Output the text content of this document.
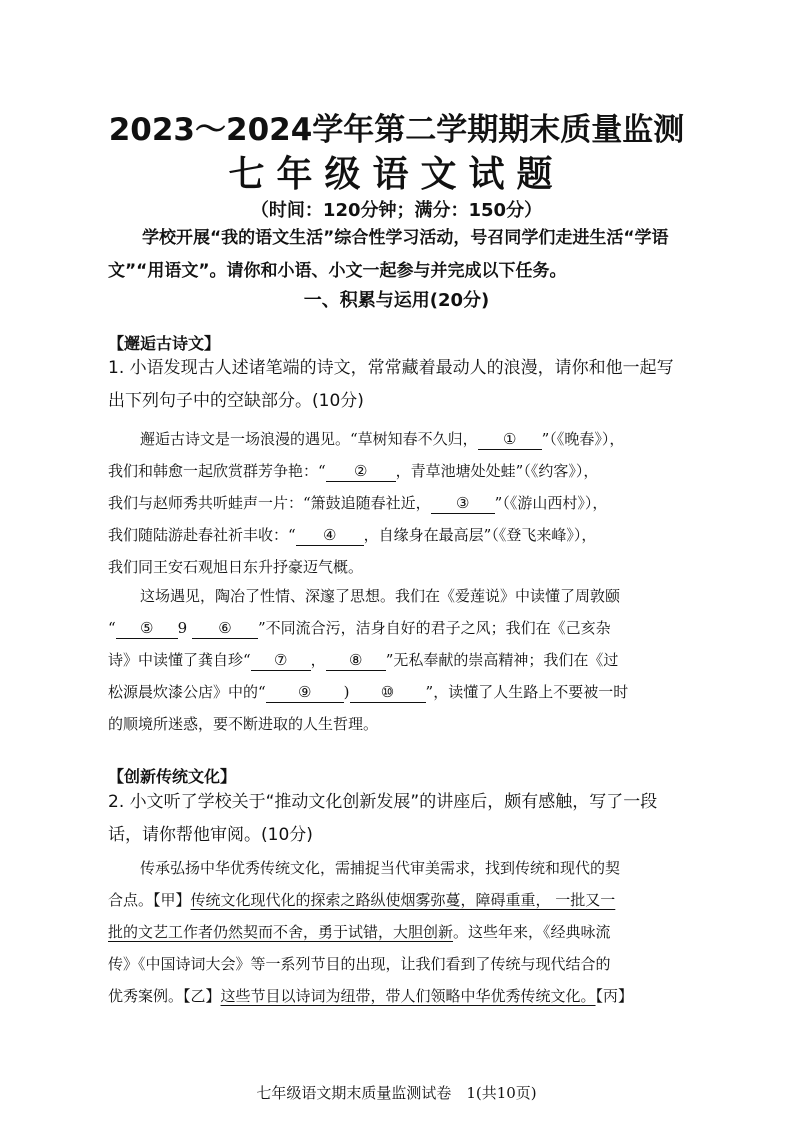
2023～2024学年第二学期期末质量监测
七年级语文试题
（时间：120分钟；满分：150分）
学校开展“我的语文生活”综合性学习活动，号召同学们走进生活“学语
文”“用语文”。请你和小语、小文一起参与并完成以下任务。
一、积累与运用(20分)
【邂逅古诗文】
1. 小语发现古人述诸笔端的诗文，常常藏着最动人的浪漫，请你和他一起写
出下列句子中的空缺部分。(10分)
邂逅古诗文是一场浪漫的遇见。“草树知春不久归， ① ”（《晚春》），
我们和韩愈一起欣赏群芳争艳：“ ② ，青草池塘处处蛙”（《约客》），
我们与赵师秀共听蛙声一片：“箫鼓追随春社近， ③ ”（《游山西村》），
我们随陆游赴春社祈丰收：“ ④ ，自缘身在最高层”（《登飞来峰》），
我们同王安石观旭日东升抒豪迈气概。
这场遇见，陶冶了性情、深邃了思想。我们在《爱莲说》中读懂了周敦颐
“ ⑤ 9 ⑥ ”不同流合污，洁身自好的君子之风；我们在《己亥杂
诗》中读懂了龚自珍“ ⑦ ， ⑧ ”无私奉献的崇高精神；我们在《过
松源晨炊漆公店》中的“ ⑨ ) ⑩ ”，读懂了人生路上不要被一时
的顺境所迷惑，要不断进取的人生哲理。
【创新传统文化】
2. 小文听了学校关于“推动文化创新发展”的讲座后，颇有感触，写了一段
话，请你帮他审阅。(10分)
传承弘扬中华优秀传统文化，需捕捉当代审美需求，找到传统和现代的契
合点。【甲】传统文化现代化的探索之路纵使烟雾弥蔓，障碍重重， 一批又一
批的文艺工作者仍然契而不舍，勇于试错，大胆创新。这些年来，《经典咏流
传》《中国诗词大会》等一系列节目的出现，让我们看到了传统与现代结合的
优秀案例。【乙】这些节目以诗词为纽带，带人们领略中华优秀传统文化。【丙】
七年级语文期末质量监测试卷　1(共10页)
